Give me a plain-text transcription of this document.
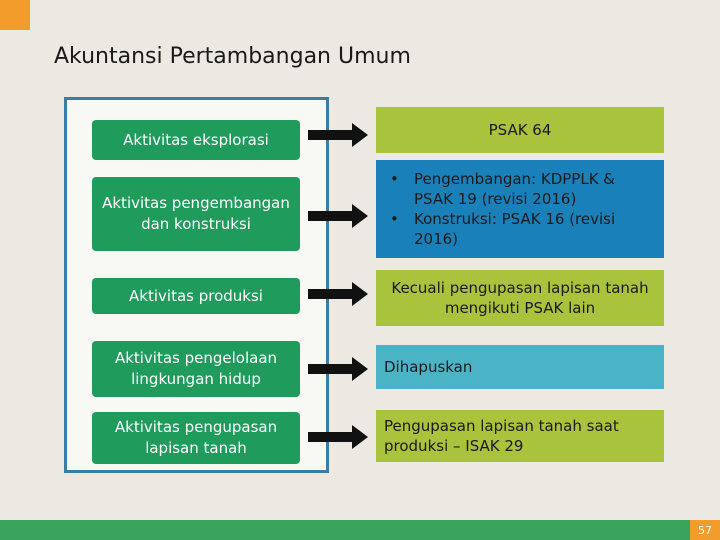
Akuntansi Pertambangan Umum
Aktivitas eksplorasi
Aktivitas pengembangan dan konstruksi
Aktivitas produksi
Aktivitas pengelolaan lingkungan hidup
Aktivitas pengupasan lapisan tanah
PSAK 64
• Pengembangan: KDPPLK & PSAK 19 (revisi 2016)
• Konstruksi: PSAK 16 (revisi 2016)
Kecuali pengupasan lapisan tanah mengikuti PSAK lain
Dihapuskan
Pengupasan lapisan tanah saat produksi – ISAK 29
57
